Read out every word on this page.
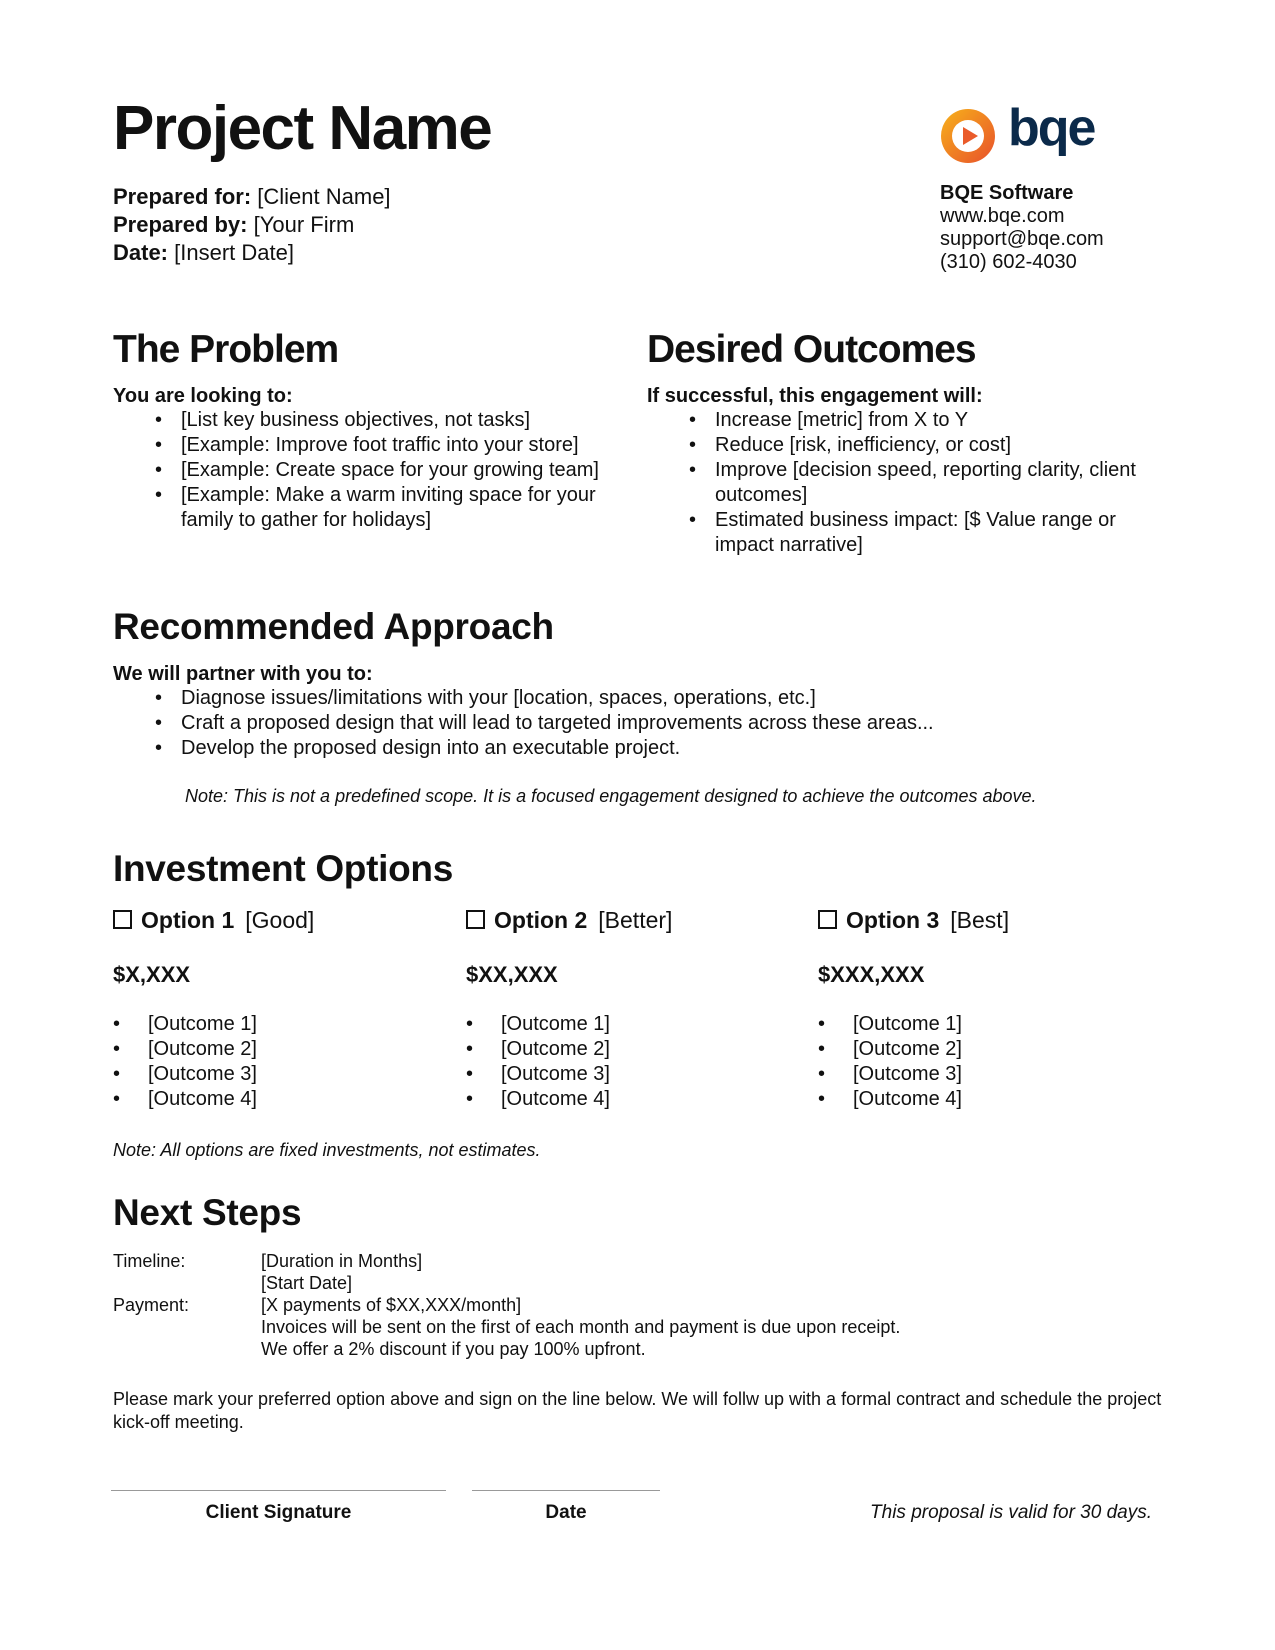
Project Name
Prepared for: [Client Name]
Prepared by: [Your Firm
Date: [Insert Date]
bqe
BQE Software
www.bqe.com
support@bqe.com
(310) 602-4030
The Problem
You are looking to:
• [List key business objectives, not tasks]
• [Example: Improve foot traffic into your store]
• [Example: Create space for your growing team]
• [Example: Make a warm inviting space for your family to gather for holidays]
Desired Outcomes
If successful, this engagement will:
• Increase [metric] from X to Y
• Reduce [risk, inefficiency, or cost]
• Improve [decision speed, reporting clarity, client outcomes]
• Estimated business impact: [$ Value range or impact narrative]
Recommended Approach
We will partner with you to:
• Diagnose issues/limitations with your [location, spaces, operations, etc.]
• Craft a proposed design that will lead to targeted improvements across these areas...
• Develop the proposed design into an executable project.
Note: This is not a predefined scope. It is a focused engagement designed to achieve the outcomes above.
Investment Options
Option 1 [Good]
$X,XXX
• [Outcome 1]
• [Outcome 2]
• [Outcome 3]
• [Outcome 4]
Option 2 [Better]
$XX,XXX
• [Outcome 1]
• [Outcome 2]
• [Outcome 3]
• [Outcome 4]
Option 3 [Best]
$XXX,XXX
• [Outcome 1]
• [Outcome 2]
• [Outcome 3]
• [Outcome 4]
Note: All options are fixed investments, not estimates.
Next Steps
Timeline:	[Duration in Months]
[Start Date]
Payment:	[X payments of $XX,XXX/month]
Invoices will be sent on the first of each month and payment is due upon receipt.
We offer a 2% discount if you pay 100% upfront.
Please mark your preferred option above and sign on the line below. We will follw up with a formal contract and schedule the project kick-off meeting.
Client Signature	Date	This proposal is valid for 30 days.
